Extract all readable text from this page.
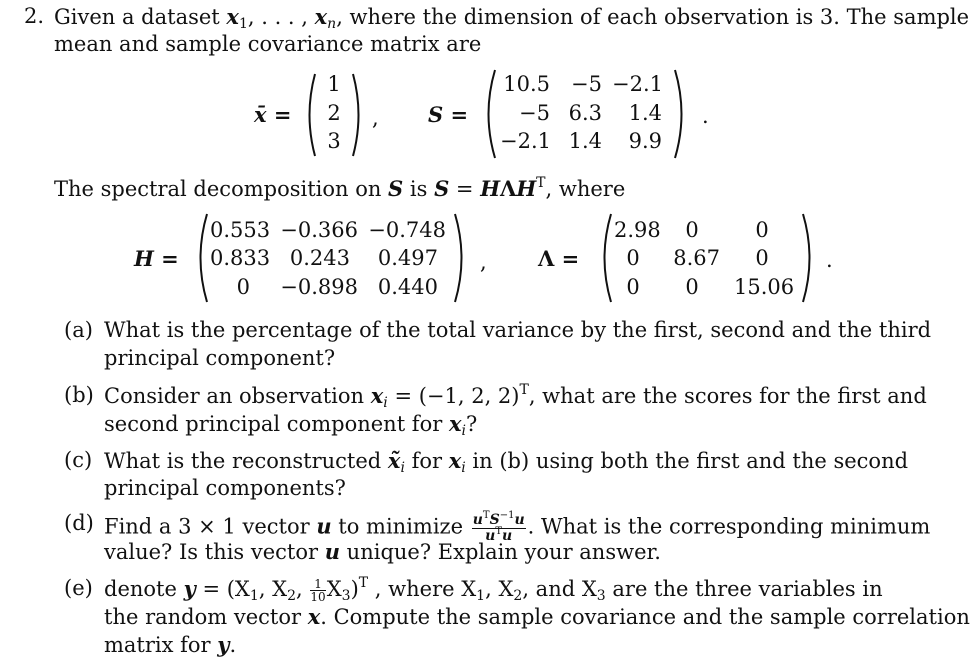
2. Given a dataset $x_1$, . . . , $x_n$, where the dimension of each observation is 3. The sample
mean and sample covariance matrix are
x̄ =
1
2
3
, S =
10.5	−5 −2.1
−5 6.3	1.4
−2.1 1.4	9.9
.
The spectral decomposition on S is $S = H\Lambda H^T$, where
H =
0.553 −0.366 −0.748
0.833 0.243	0.497
0 −0.898 0.440
, Λ =
2.98	0	0
0	8.67	0
0	0	15.06
.
(a) What is the percentage of the total variance by the first, second and the third
principal component?
(b) Consider an observation $x_i = (-1$, 2, 2)$^T$, what are the scores for the first and
second principal component for $x_i$?
(c) What is the reconstructed $x̃_i$ for $x_i$ in (b) using both the first and the second
principal components?
(d) Find a 3 × 1 vector u to minimize $\frac{u^TS^{-1}u}{u^Tu}$ . What is the corresponding minimum
value? Is this vector u unique? Explain your answer.
(e) denote $y = (X_1$, $X_2$, $\frac{1}{10} X_3)^T$ , where $X_1$, $X_2$, and $X_3$ are the three variables in
the random vector x. Compute the sample covariance and the sample correlation
matrix for y.
